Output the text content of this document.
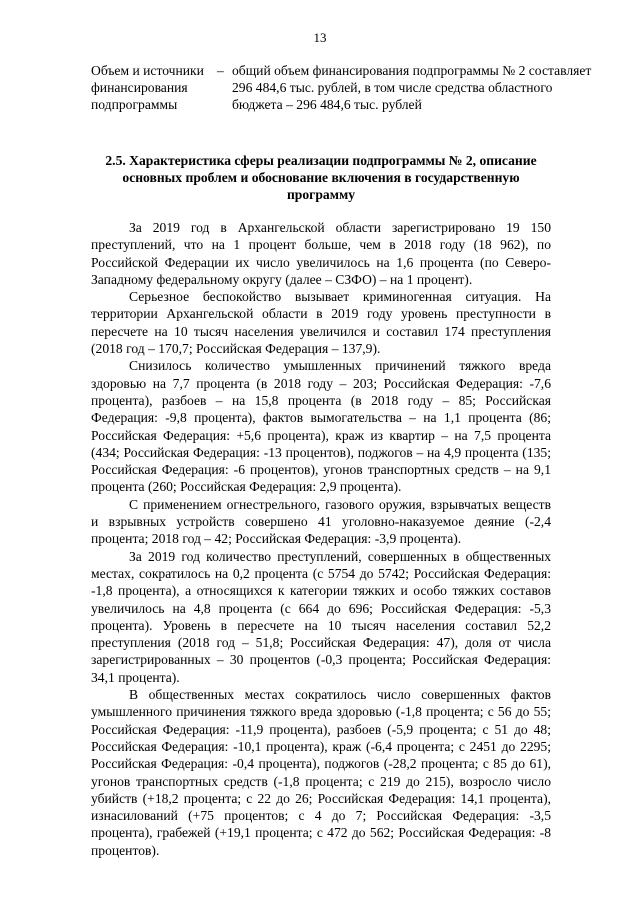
13
Объем и источники финансирования подпрограммы
– общий объем финансирования подпрограммы № 2 составляет 296 484,6 тыс. рублей, в том числе средства областного бюджета – 296 484,6 тыс. рублей
2.5. Характеристика сферы реализации подпрограммы № 2, описание основных проблем и обоснование включения в государственную программу

За 2019 год в Архангельской области зарегистрировано 19 150 преступлений, что на 1 процент больше, чем в 2018 году (18 962), по Российской Федерации их число увеличилось на 1,6 процента (по Северо-Западному федеральному округу (далее – СЗФО) – на 1 процент).

Серьезное беспокойство вызывает криминогенная ситуация. На территории Архангельской области в 2019 году уровень преступности в пересчете на 10 тысяч населения увеличился и составил 174 преступления (2018 год – 170,7; Российская Федерация – 137,9).

Снизилось количество умышленных причинений тяжкого вреда здоровью на 7,7 процента (в 2018 году – 203; Российская Федерация: -7,6 процента), разбоев – на 15,8 процента (в 2018 году – 85; Российская Федерация: -9,8 процента), фактов вымогательства – на 1,1 процента (86; Российская Федерация: +5,6 процента), краж из квартир – на 7,5 процента (434; Российская Федерация: -13 процентов), поджогов – на 4,9 процента (135; Российская Федерация: -6 процентов), угонов транспортных средств – на 9,1 процента (260; Российская Федерация: 2,9 процента).

С применением огнестрельного, газового оружия, взрывчатых веществ и взрывных устройств совершено 41 уголовно-наказуемое деяние (-2,4 процента; 2018 год – 42; Российская Федерация: -3,9 процента).

За 2019 год количество преступлений, совершенных в общественных местах, сократилось на 0,2 процента (с 5754 до 5742; Российская Федерация: -1,8 процента), а относящихся к категории тяжких и особо тяжких составов увеличилось на 4,8 процента (с 664 до 696; Российская Федерация: -5,3 процента). Уровень в пересчете на 10 тысяч населения составил 52,2 преступления (2018 год – 51,8; Российская Федерация: 47), доля от числа зарегистрированных – 30 процентов (-0,3 процента; Российская Федерация: 34,1 процента).

В общественных местах сократилось число совершенных фактов умышленного причинения тяжкого вреда здоровью (-1,8 процента; с 56 до 55; Российская Федерация: -11,9 процента), разбоев (-5,9 процента; с 51 до 48; Российская Федерация: -10,1 процента), краж (-6,4 процента; с 2451 до 2295; Российская Федерация: -0,4 процента), поджогов (-28,2 процента; с 85 до 61), угонов транспортных средств (-1,8 процента; с 219 до 215), возросло число убийств (+18,2 процента; с 22 до 26; Российская Федерация: 14,1 процента), изнасилований (+75 процентов; с 4 до 7; Российская Федерация: -3,5 процента), грабежей (+19,1 процента; с 472 до 562; Российская Федерация: -8 процентов).
